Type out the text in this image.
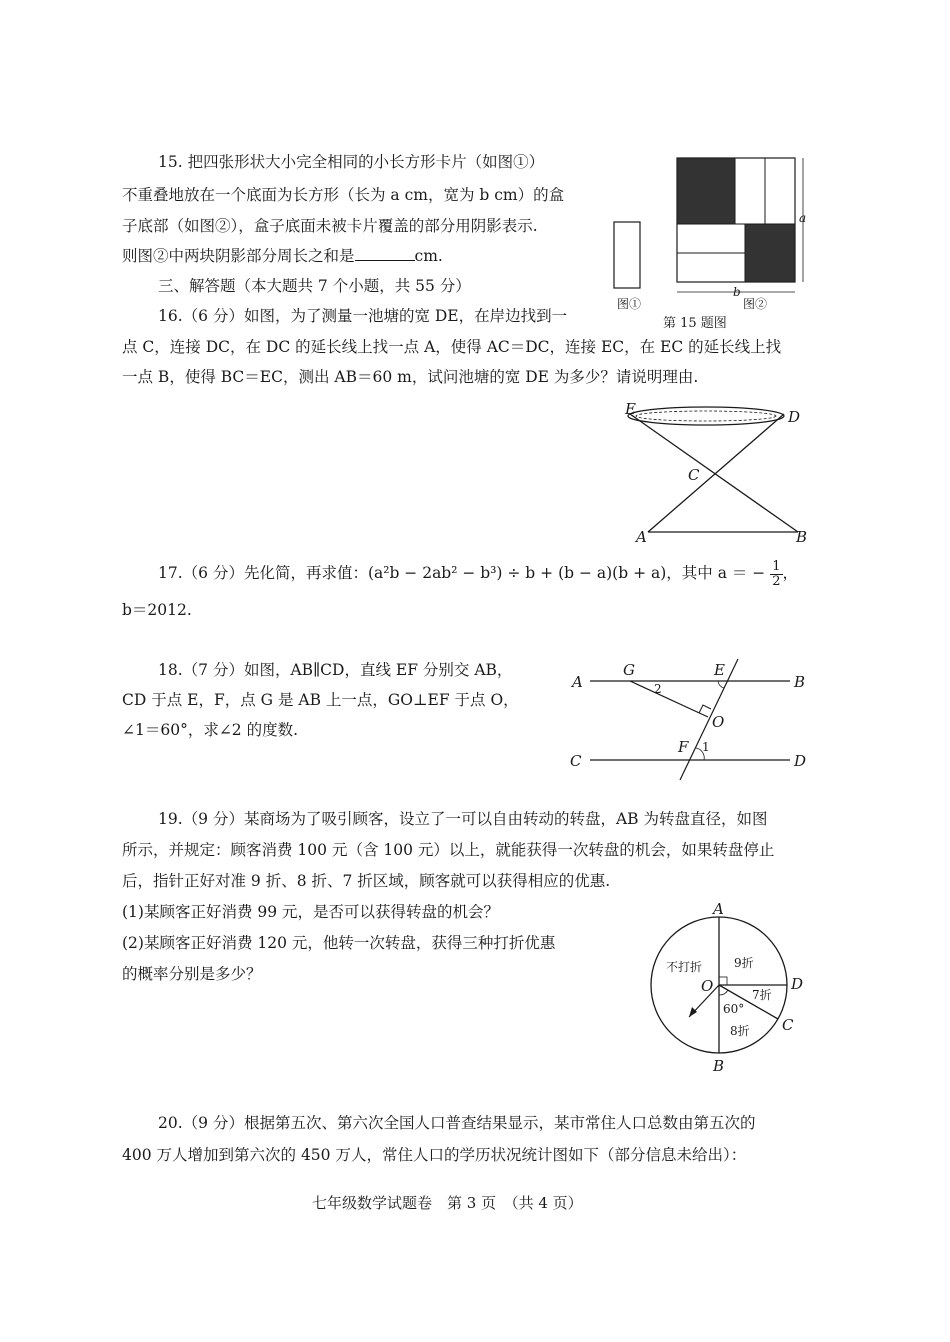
15. 把四张形状大小完全相同的小长方形卡片（如图①）
不重叠地放在一个底面为长方形（长为 a cm，宽为 b cm）的盒
子底部（如图②），盒子底面未被卡片覆盖的部分用阴影表示.
则图②中两块阴影部分周长之和是	cm.
图①
a
b
图②
第 15 题图
三、解答题（本大题共 7 个小题，共 55 分）
16.（6 分）如图，为了测量一池塘的宽 DE，在岸边找到一
点 C，连接 DC，在 DC 的延长线上找一点 A，使得 AC＝DC，连接 EC，在 EC 的延长线上找
一点 B，使得 BC＝EC，测出 AB＝60 m，试问池塘的宽 DE 为多少？请说明理由.
E	D
C
A	B
17.（6 分）先化简，再求值：(a²b − 2ab² − b³) ÷ b + (b − a)(b + a)，其中 a ＝ − $\frac{1}{2}$ ，
b＝2012.
18.（7 分）如图，AB∥CD，直线 EF 分别交 AB，
CD 于点 E，F，点 G 是 AB 上一点，GO⊥EF 于点 O，
∠1＝60°，求∠2 的度数.
A
G	E
B
O
C
F
D
1
2
19.（9 分）某商场为了吸引顾客，设立了一可以自由转动的转盘，AB 为转盘直径，如图
所示，并规定：顾客消费 100 元（含 100 元）以上，就能获得一次转盘的机会，如果转盘停止
后，指针正好对准 9 折、8 折、7 折区域，顾客就可以获得相应的优惠.
(1)某顾客正好消费 99 元，是否可以获得转盘的机会？
(2)某顾客正好消费 120 元，他转一次转盘，获得三种打折优惠
的概率分别是多少？
A
B
C
D
O
不打折	9折
7折
8折
60°
20.（9 分）根据第五次、第六次全国人口普查结果显示，某市常住人口总数由第五次的
400 万人增加到第六次的 450 万人，常住人口的学历状况统计图如下（部分信息未给出）：
七年级数学试题卷　第 3 页　（共 4 页）
